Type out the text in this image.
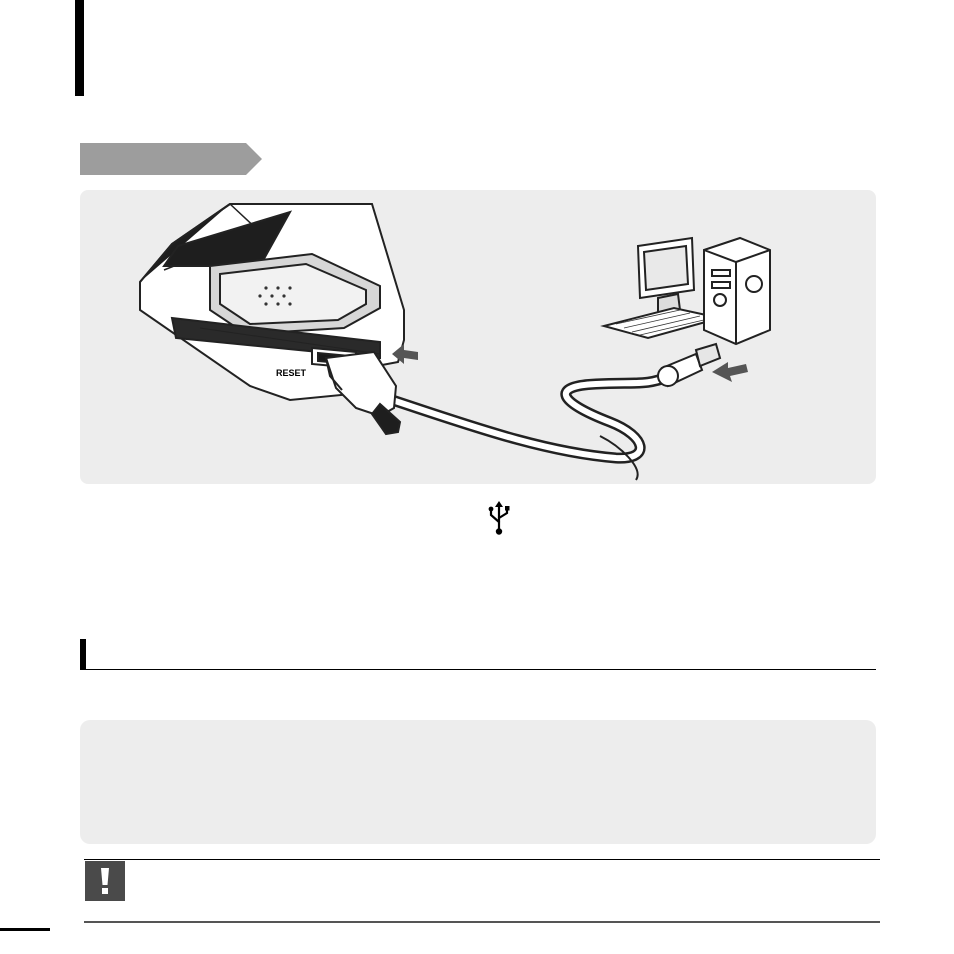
RESET
